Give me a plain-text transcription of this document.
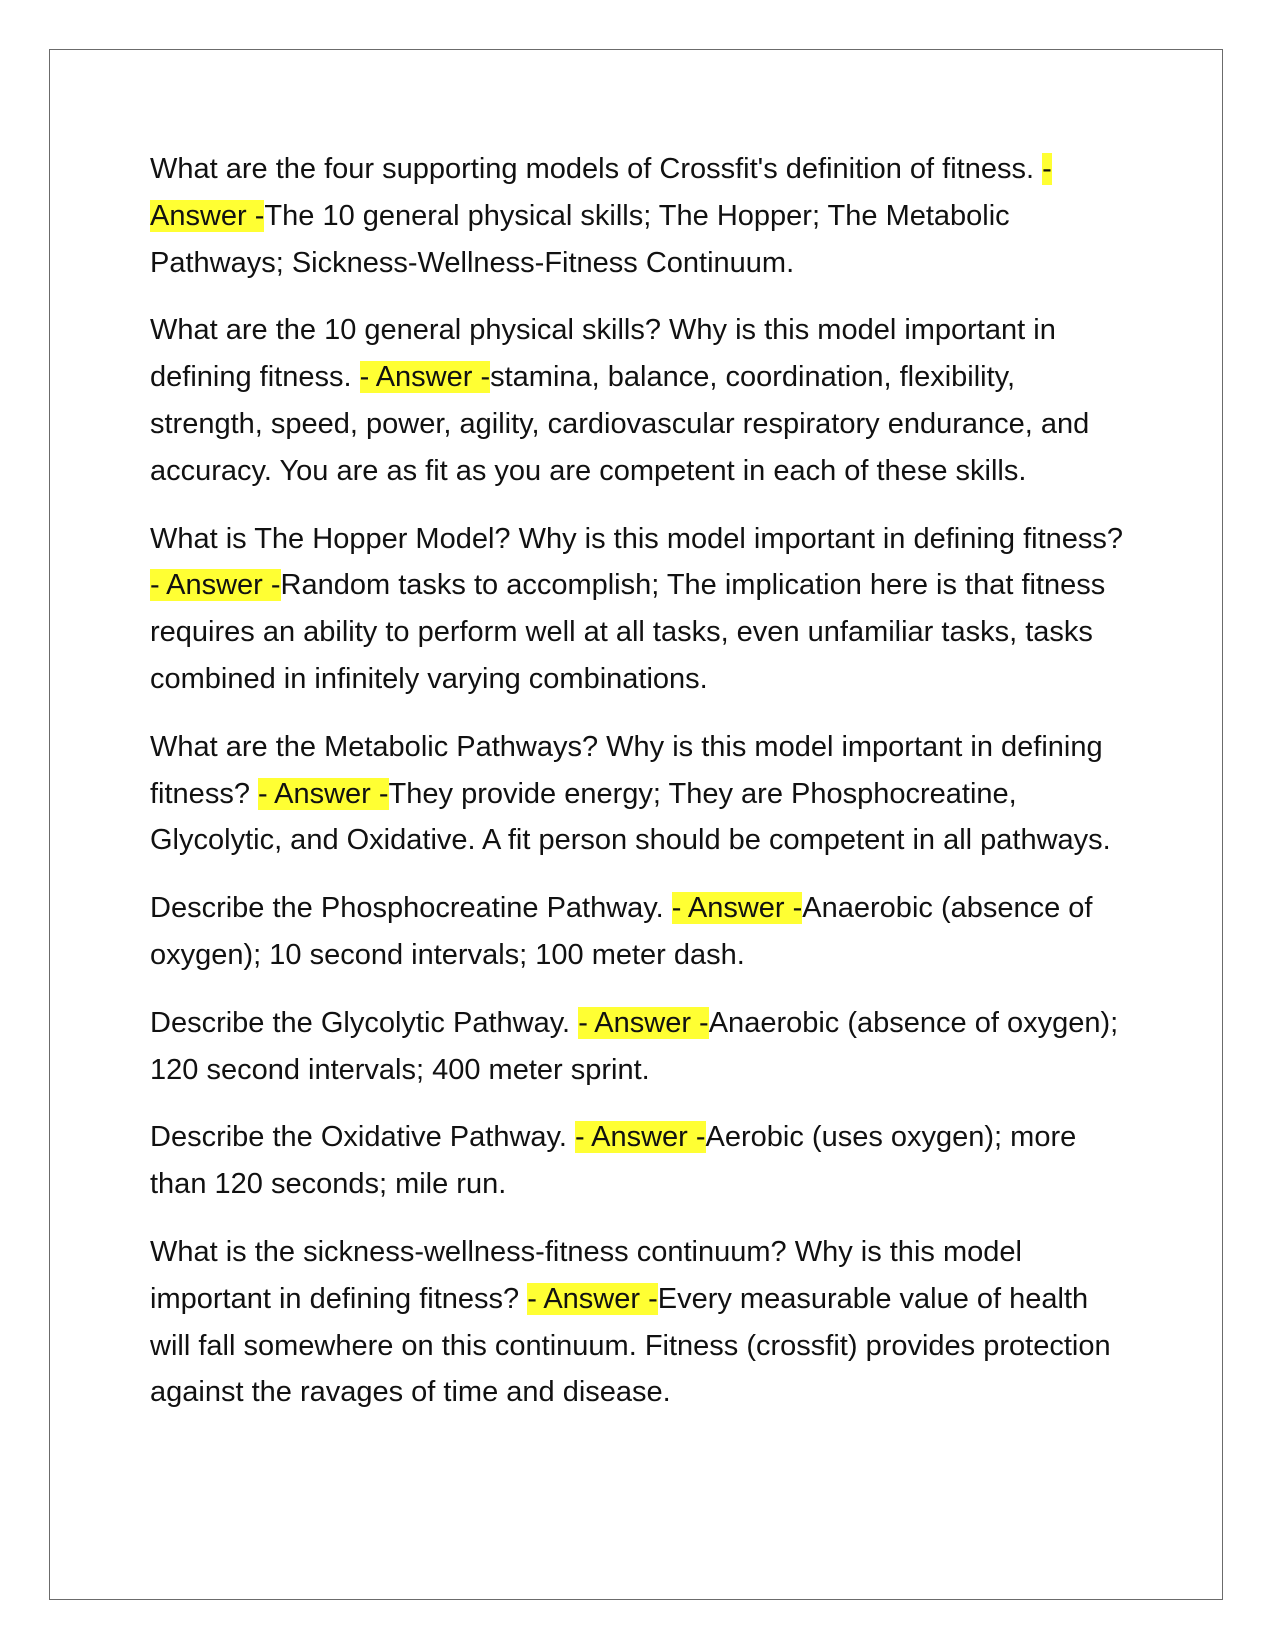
What are the four supporting models of Crossfit's definition of fitness. - Answer -The 10 general physical skills; The Hopper; The Metabolic Pathways; Sickness-Wellness-Fitness Continuum.

What are the 10 general physical skills? Why is this model important in defining fitness. - Answer -stamina, balance, coordination, flexibility, strength, speed, power, agility, cardiovascular respiratory endurance, and accuracy. You are as fit as you are competent in each of these skills.

What is The Hopper Model? Why is this model important in defining fitness? - Answer -Random tasks to accomplish; The implication here is that fitness requires an ability to perform well at all tasks, even unfamiliar tasks, tasks combined in infinitely varying combinations.

What are the Metabolic Pathways? Why is this model important in defining fitness? - Answer -They provide energy; They are Phosphocreatine, Glycolytic, and Oxidative. A fit person should be competent in all pathways.

Describe the Phosphocreatine Pathway. - Answer -Anaerobic (absence of oxygen); 10 second intervals; 100 meter dash.

Describe the Glycolytic Pathway. - Answer -Anaerobic (absence of oxygen); 120 second intervals; 400 meter sprint.

Describe the Oxidative Pathway. - Answer -Aerobic (uses oxygen); more than 120 seconds; mile run.

What is the sickness-wellness-fitness continuum? Why is this model important in defining fitness? - Answer -Every measurable value of health will fall somewhere on this continuum. Fitness (crossfit) provides protection against the ravages of time and disease.
